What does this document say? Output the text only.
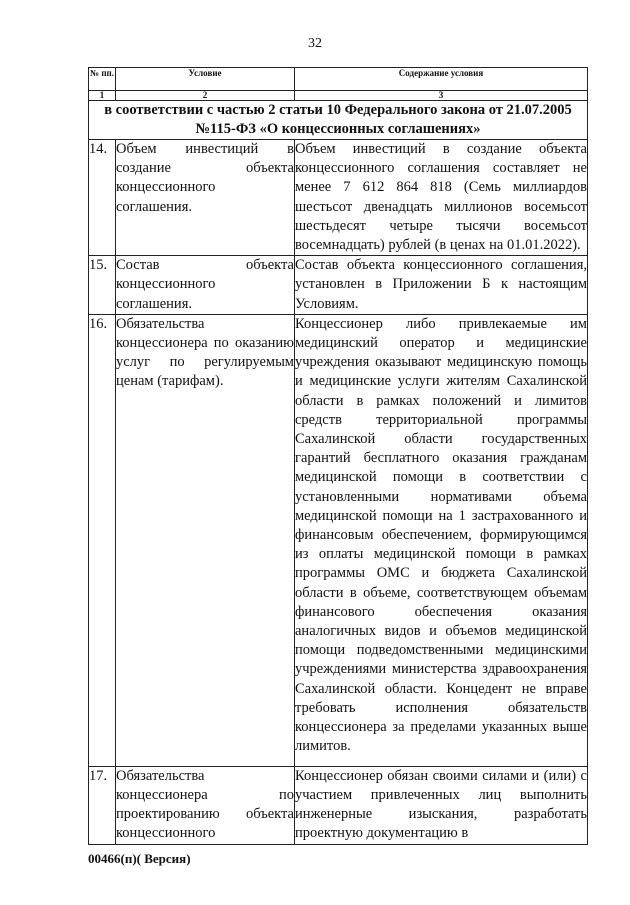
32
№ пп.	Условие	Содержание условия
1	2	3
в соответствии с частью 2 статьи 10 Федерального закона от 21.07.2005 №115-ФЗ «О концессионных соглашениях»		
14.	Объем инвестиций в создание объекта концессионного соглашения.	Объем инвестиций в создание объекта концессионного соглашения составляет не менее 7 612 864 818 (Семь миллиардов шестьсот двенадцать миллионов восемьсот шестьдесят четыре тысячи восемьсот восемнадцать) рублей (в ценах на 01.01.2022).
15.	Состав объекта концессионного соглашения.	Состав объекта концессионного соглашения, установлен в Приложении Б к настоящим Условиям.
16.	Обязательства концессионера по оказанию услуг по регулируемым ценам (тарифам).	Концессионер либо привлекаемые им медицинский оператор и медицинские учреждения оказывают медицинскую помощь и медицинские услуги жителям Сахалинской области в рамках положений и лимитов средств территориальной программы Сахалинской области государственных гарантий бесплатного оказания гражданам медицинской помощи в соответствии с установленными нормативами объема медицинской помощи на 1 застрахованного и финансовым обеспечением, формирующимся из оплаты медицинской помощи в рамках программы ОМС и бюджета Сахалинской области в объеме, соответствующем объемам финансового обеспечения оказания аналогичных видов и объемов медицинской помощи подведомственными медицинскими учреждениями министерства здравоохранения Сахалинской области. Концедент не вправе требовать исполнения обязательств концессионера за пределами указанных выше лимитов.
17.	Обязательства концессионера по проектированию объекта концессионного	Концессионер обязан своими силами и (или) с участием привлеченных лиц выполнить инженерные изыскания, разработать проектную документацию в
00466(п)( Версия)
